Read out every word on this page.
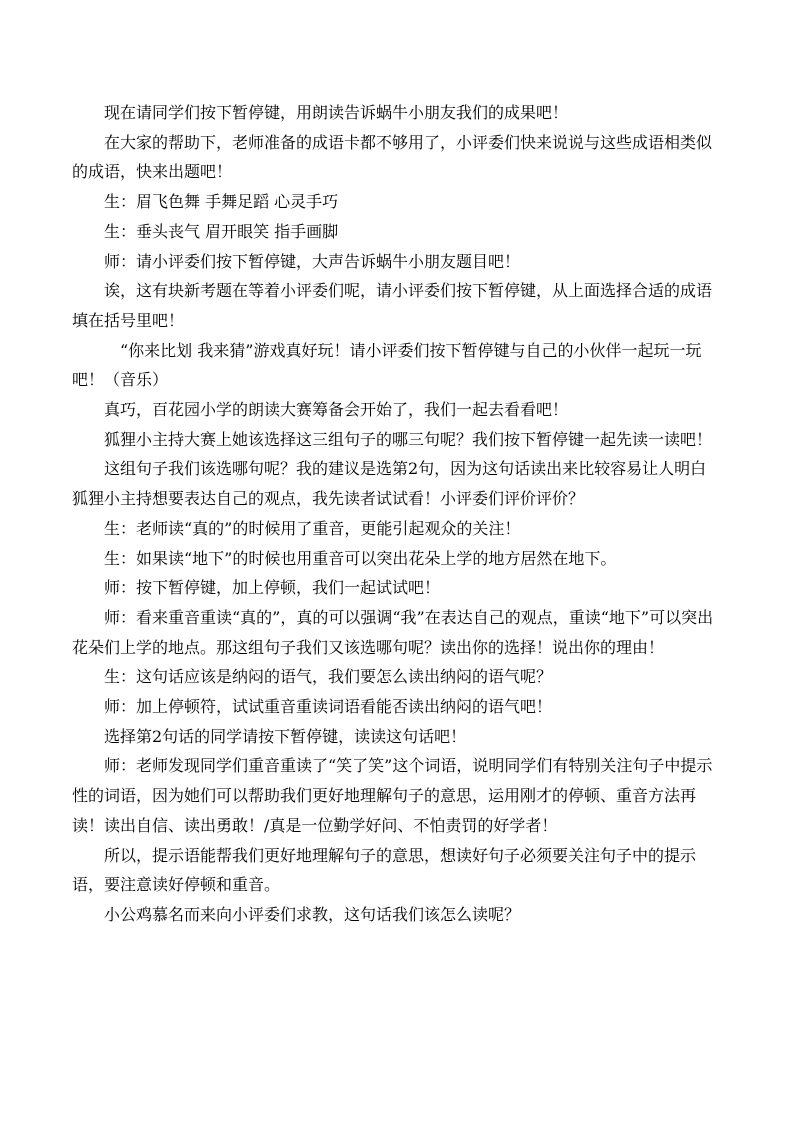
现在请同学们按下暂停键，用朗读告诉蜗牛小朋友我们的成果吧！

在大家的帮助下，老师准备的成语卡都不够用了，小评委们快来说说与这些成语相类似的成语，快来出题吧！

生：眉飞色舞 手舞足蹈 心灵手巧

生：垂头丧气 眉开眼笑 指手画脚

师：请小评委们按下暂停键，大声告诉蜗牛小朋友题目吧！

诶，这有块新考题在等着小评委们呢，请小评委们按下暂停键，从上面选择合适的成语填在括号里吧！

“你来比划 我来猜”游戏真好玩！请小评委们按下暂停键与自己的小伙伴一起玩一玩吧！（音乐）

真巧，百花园小学的朗读大赛筹备会开始了，我们一起去看看吧！

狐狸小主持大赛上她该选择这三组句子的哪三句呢？我们按下暂停键一起先读一读吧！

这组句子我们该选哪句呢？我的建议是选第2句，因为这句话读出来比较容易让人明白狐狸小主持想要表达自己的观点，我先读者试试看！小评委们评价评价？

生：老师读“真的”的时候用了重音，更能引起观众的关注！

生：如果读“地下”的时候也用重音可以突出花朵上学的地方居然在地下。

师：按下暂停键，加上停顿，我们一起试试吧！

师：看来重音重读“真的”，真的可以强调“我”在表达自己的观点，重读“地下”可以突出花朵们上学的地点。那这组句子我们又该选哪句呢？读出你的选择！说出你的理由！

生：这句话应该是纳闷的语气，我们要怎么读出纳闷的语气呢？

师：加上停顿符，试试重音重读词语看能否读出纳闷的语气吧！

选择第2句话的同学请按下暂停键，读读这句话吧！

师：老师发现同学们重音重读了“笑了笑”这个词语，说明同学们有特别关注句子中提示性的词语，因为她们可以帮助我们更好地理解句子的意思，运用刚才的停顿、重音方法再读！读出自信、读出勇敢！/真是一位勤学好问、不怕责罚的好学者！

所以，提示语能帮我们更好地理解句子的意思，想读好句子必须要关注句子中的提示语，要注意读好停顿和重音。

小公鸡慕名而来向小评委们求教，这句话我们该怎么读呢？
